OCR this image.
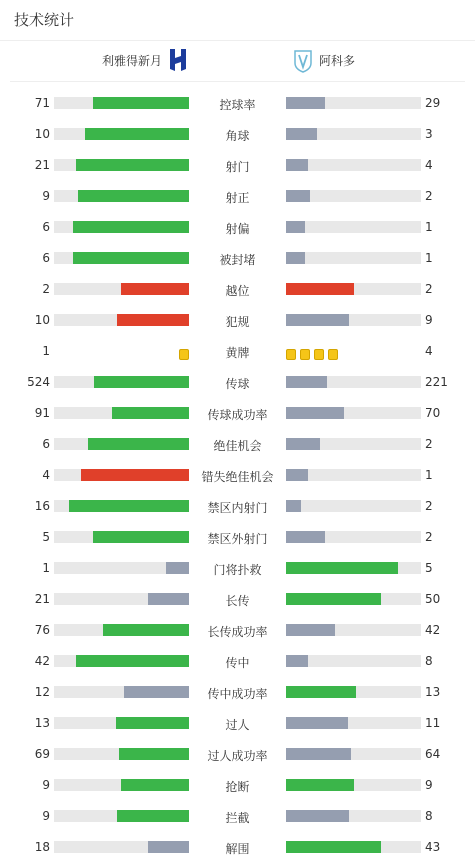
技术统计
利雅得新月	阿科多
71	控球率	29
10	角球	3
21	射门	4
9	射正	2
6	射偏	1
6	被封堵	1
2	越位	2
10	犯规	9
1	黄牌	4
524	传球	221
91	传球成功率	70
6	绝佳机会	2
4	错失绝佳机会	1
16	禁区内射门	2
5	禁区外射门	2
1	门将扑救	5
21	长传	50
76	长传成功率	42
42	传中	8
12	传中成功率	13
13	过人	11
69	过人成功率	64
9	抢断	9
9	拦截	8
18	解围	43
